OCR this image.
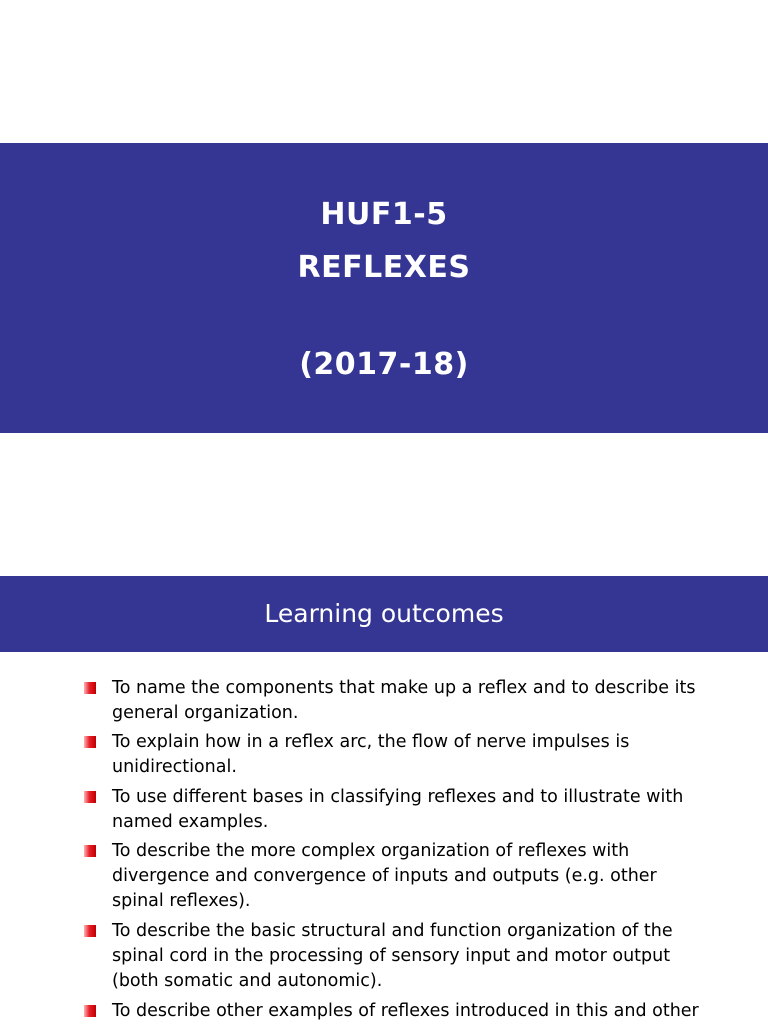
HUF1-5
REFLEXES
(2017-18)
Learning outcomes
To name the components that make up a reflex and to describe its
general organization.
To explain how in a reflex arc, the flow of nerve impulses is
unidirectional.
To use different bases in classifying reflexes and to illustrate with
named examples.
To describe the more complex organization of reflexes with
divergence and convergence of inputs and outputs (e.g. other
spinal reflexes).
To describe the basic structural and function organization of the
spinal cord in the processing of sensory input and motor output
(both somatic and autonomic).
To describe other examples of reflexes introduced in this and other
